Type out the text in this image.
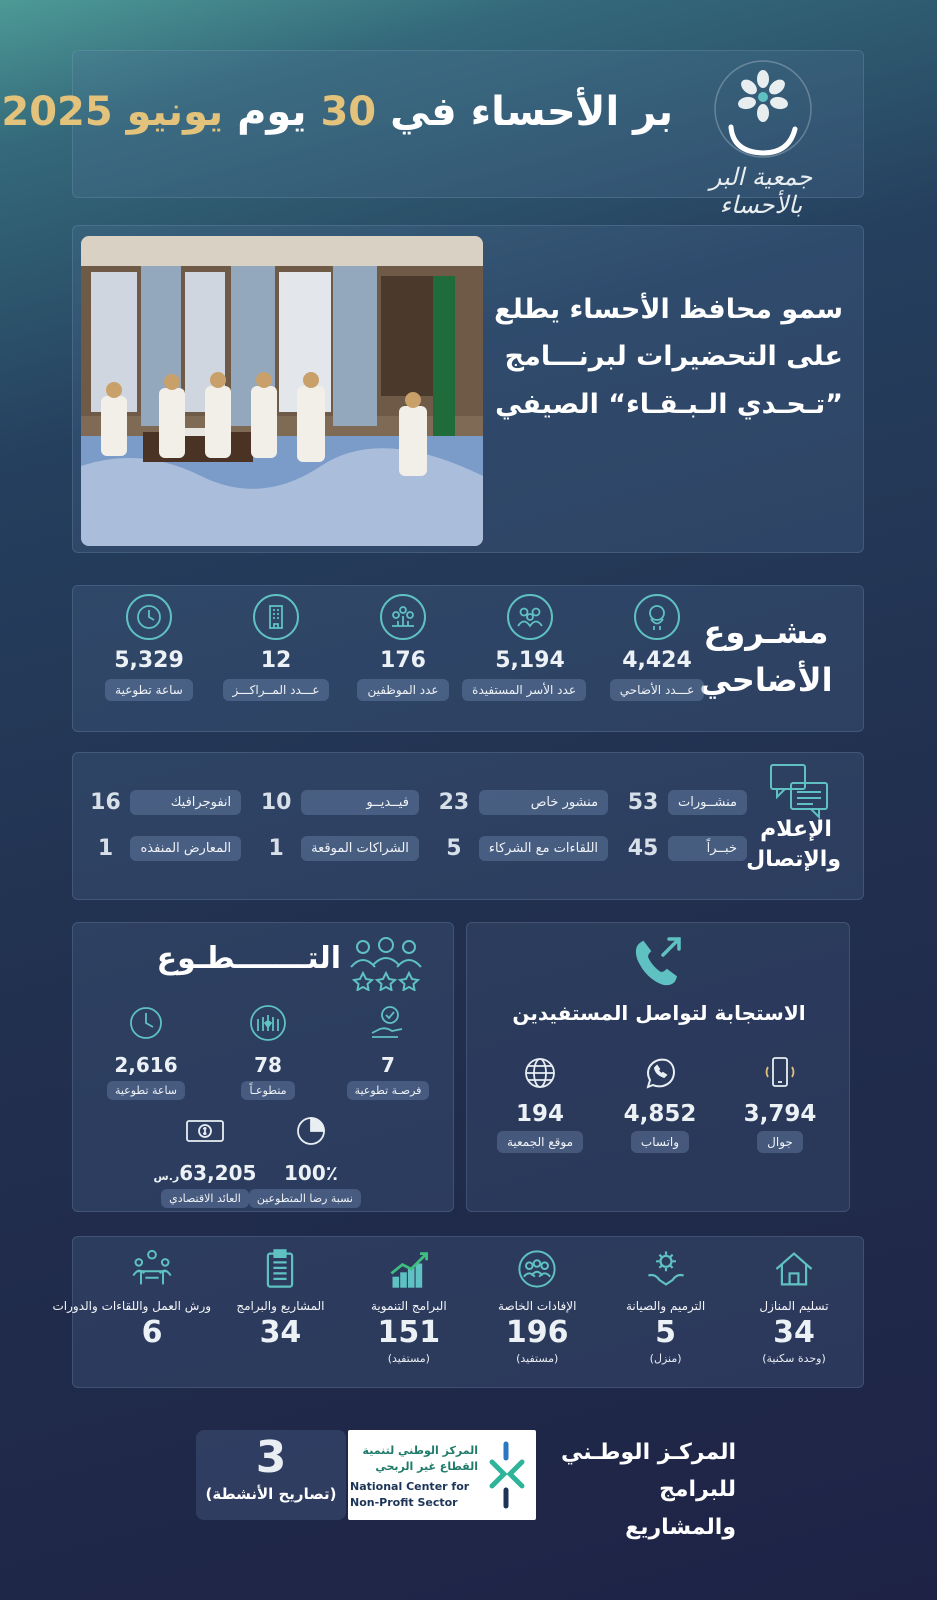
بر الأحساء في 30 يوم يونيو 2025
جمعية البر بالأحساء
سمو محافظ الأحساء يطلع
على التحضيرات لبرنـــامج
”تـحـدي الـبـقـاء“ الصيفي
مشـروع
الأضاحي
4,424
عـــدد الأضاحي
5,194
عدد الأسر المستفيدة
176
عدد الموظفين
12
عـــدد المــراكـــز
5,329
ساعة تطوعية
الإعلام
والإتصال
منشــورات
53
منشور خاص
23
فيــديــو
10
انفوجرافيك
16
خبــراً
45
اللقاءات مع الشركاء
5
الشراكات الموقعة
1
المعارض المنفذه
1
التـــــــطـوع
7
فرصـة تطوعية
78
متطوعـاً
2,616
ساعة تطوعية
100٪
نسبة رضا المتطوعين
63,205ر.س
العائد الاقتصادي
الاستجابة لتواصل المستفيدين
3,794
جوال
4,852
واتساب
194
موقع الجمعية
تسليم المنازل
34
(وحدة سكنية)
الترميم والصيانة
5
(منزل)
الإفادات الخاصة
196
(مستفيد)
البرامج التنموية
151
(مستفيد)
المشاريع والبرامج
34
ورش العمل واللقاءات والدورات
6
المركـز الوطـني
للبرامج والمشاريع
المركز الوطني لتنمية
القطاع غير الربحي
National Center for
Non-Profit Sector
3
(تصاريح الأنشطة)
